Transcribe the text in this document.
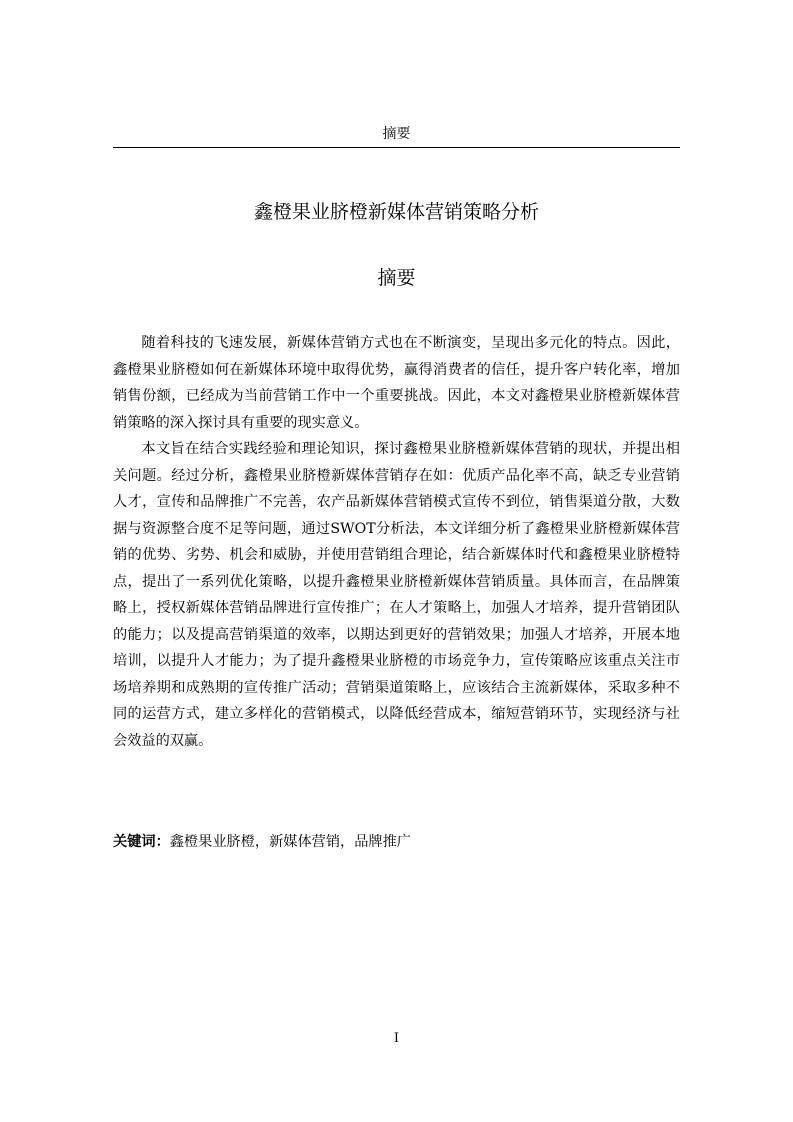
摘要
鑫橙果业脐橙新媒体营销策略分析
摘要

随着科技的飞速发展，新媒体营销方式也在不断演变，呈现出多元化的特点。因此，鑫橙果业脐橙如何在新媒体环境中取得优势，赢得消费者的信任，提升客户转化率，增加销售份额，已经成为当前营销工作中一个重要挑战。因此，本文对鑫橙果业脐橙新媒体营销策略的深入探讨具有重要的现实意义。

本文旨在结合实践经验和理论知识，探讨鑫橙果业脐橙新媒体营销的现状，并提出相关问题。经过分析，鑫橙果业脐橙新媒体营销存在如：优质产品化率不高，缺乏专业营销人才，宣传和品牌推广不完善，农产品新媒体营销模式宣传不到位，销售渠道分散，大数据与资源整合度不足等问题，通过SWOT分析法，本文详细分析了鑫橙果业脐橙新媒体营销的优势、劣势、机会和威胁，并使用营销组合理论，结合新媒体时代和鑫橙果业脐橙特点，提出了一系列优化策略，以提升鑫橙果业脐橙新媒体营销质量。具体而言，在品牌策略上，授权新媒体营销品牌进行宣传推广；在人才策略上，加强人才培养，提升营销团队的能力；以及提高营销渠道的效率，以期达到更好的营销效果；加强人才培养，开展本地培训，以提升人才能力；为了提升鑫橙果业脐橙的市场竞争力，宣传策略应该重点关注市场培养期和成熟期的宣传推广活动；营销渠道策略上，应该结合主流新媒体，采取多种不同的运营方式，建立多样化的营销模式，以降低经营成本，缩短营销环节，实现经济与社会效益的双赢。

关键词：鑫橙果业脐橙，新媒体营销，品牌推广
I
